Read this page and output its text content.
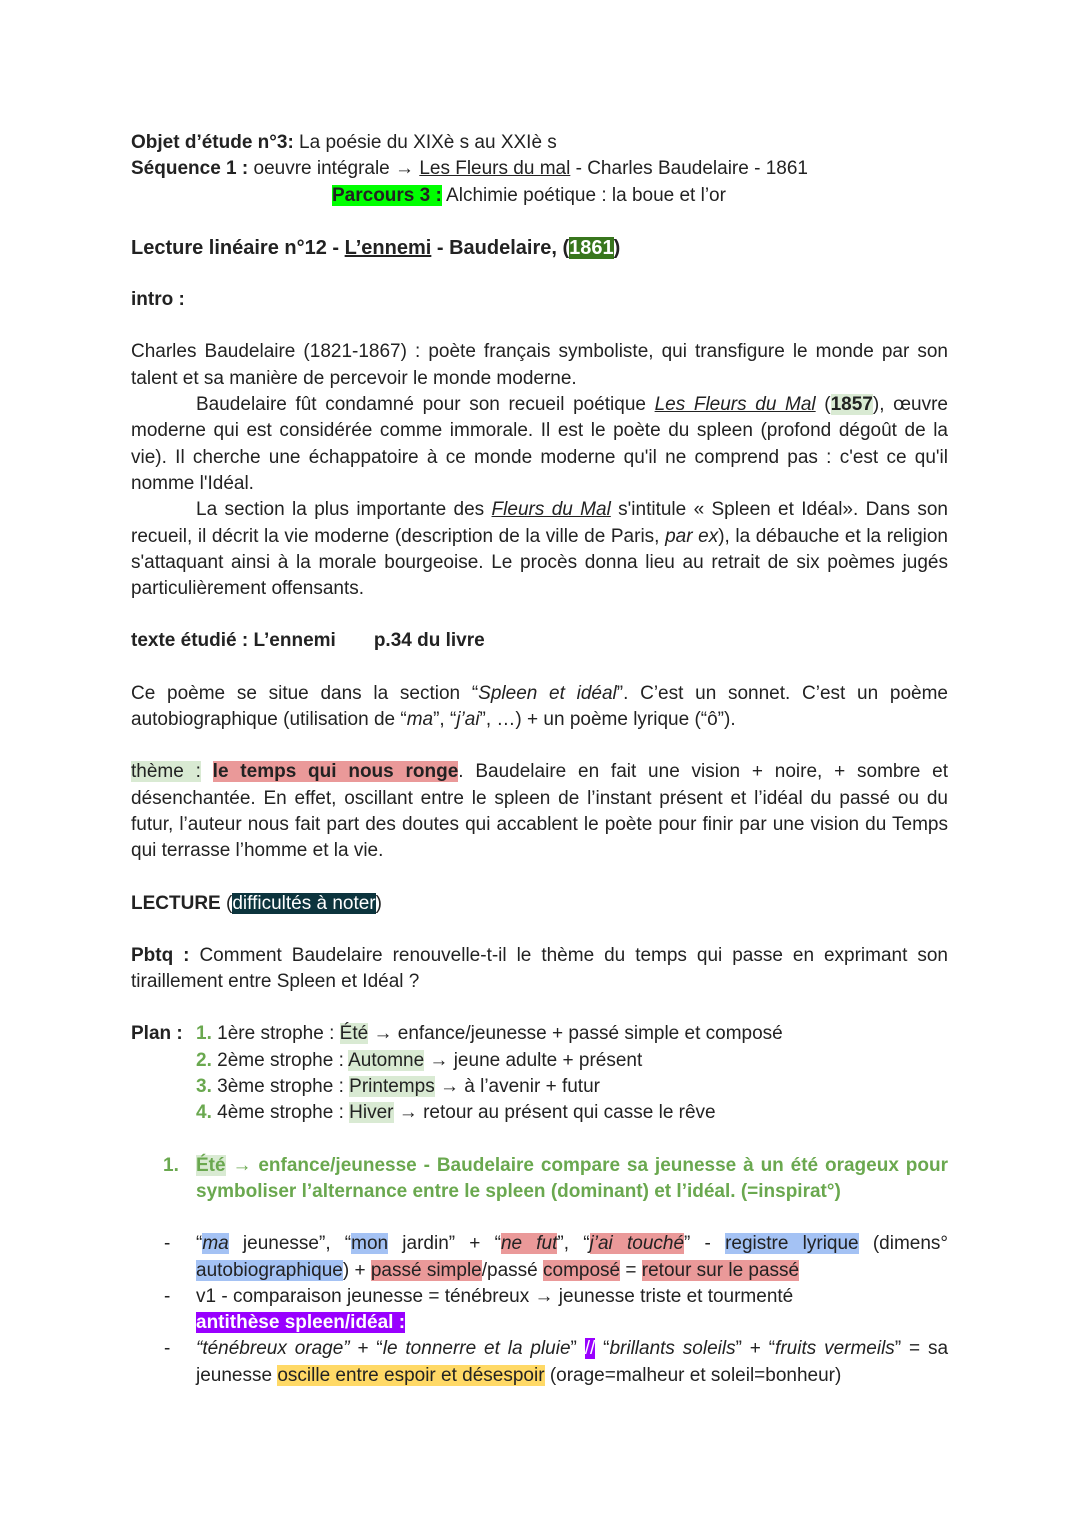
Objet d’étude n°3: La poésie du XIXè s au XXIè s
Séquence 1 : oeuvre intégrale → Les Fleurs du mal - Charles Baudelaire - 1861
Parcours 3 : Alchimie poétique : la boue et l’or
Lecture linéaire n°12 - L’ennemi - Baudelaire, (1861)
intro :
Charles Baudelaire (1821-1867) : poète français symboliste, qui transfigure le monde par son talent et sa manière de percevoir le monde moderne.
Baudelaire fût condamné pour son recueil poétique Les Fleurs du Mal (1857), œuvre moderne qui est considérée comme immorale. Il est le poète du spleen (profond dégoût de la vie). Il cherche une échappatoire à ce monde moderne qu'il ne comprend pas : c'est ce qu'il nomme l'Idéal.
La section la plus importante des Fleurs du Mal s'intitule « Spleen et Idéal». Dans son recueil, il décrit la vie moderne (description de la ville de Paris, par ex), la débauche et la religion s'attaquant ainsi à la morale bourgeoise. Le procès donna lieu au retrait de six poèmes jugés particulièrement offensants.
texte étudié : L’ennemi p.34 du livre
Ce poème se situe dans la section “Spleen et idéal”. C’est un sonnet. C’est un poème autobiographique (utilisation de “ma”, “j’ai”, …) + un poème lyrique (“ô”).
thème : le temps qui nous ronge. Baudelaire en fait une vision + noire, + sombre et désenchantée. En effet, oscillant entre le spleen de l’instant présent et l’idéal du passé ou du futur, l’auteur nous fait part des doutes qui accablent le poète pour finir par une vision du Temps qui terrasse l’homme et la vie.
LECTURE (difficultés à noter)
Pbtq : Comment Baudelaire renouvelle-t-il le thème du temps qui passe en exprimant son tiraillement entre Spleen et Idéal ?
Plan : 1. 1ère strophe : Été → enfance/jeunesse + passé simple et composé
2. 2ème strophe : Automne → jeune adulte + présent
3. 3ème strophe : Printemps → à l’avenir + futur
4. 4ème strophe : Hiver → retour au présent qui casse le rêve
1. Été → enfance/jeunesse - Baudelaire compare sa jeunesse à un été orageux pour symboliser l’alternance entre le spleen (dominant) et l’idéal. (=inspirat°)
-	“ma jeunesse”, “mon jardin” + “ne fut”, “j’ai touché” - registre lyrique (dimens° autobiographique) + passé simple/passé composé = retour sur le passé
-	v1 - comparaison jeunesse = ténébreux → jeunesse triste et tourmenté
antithèse spleen/idéal :
-	“ténébreux orage” + “le tonnerre et la pluie” // “brillants soleils” + “fruits vermeils” = sa jeunesse oscille entre espoir et désespoir (orage=malheur et soleil=bonheur)
